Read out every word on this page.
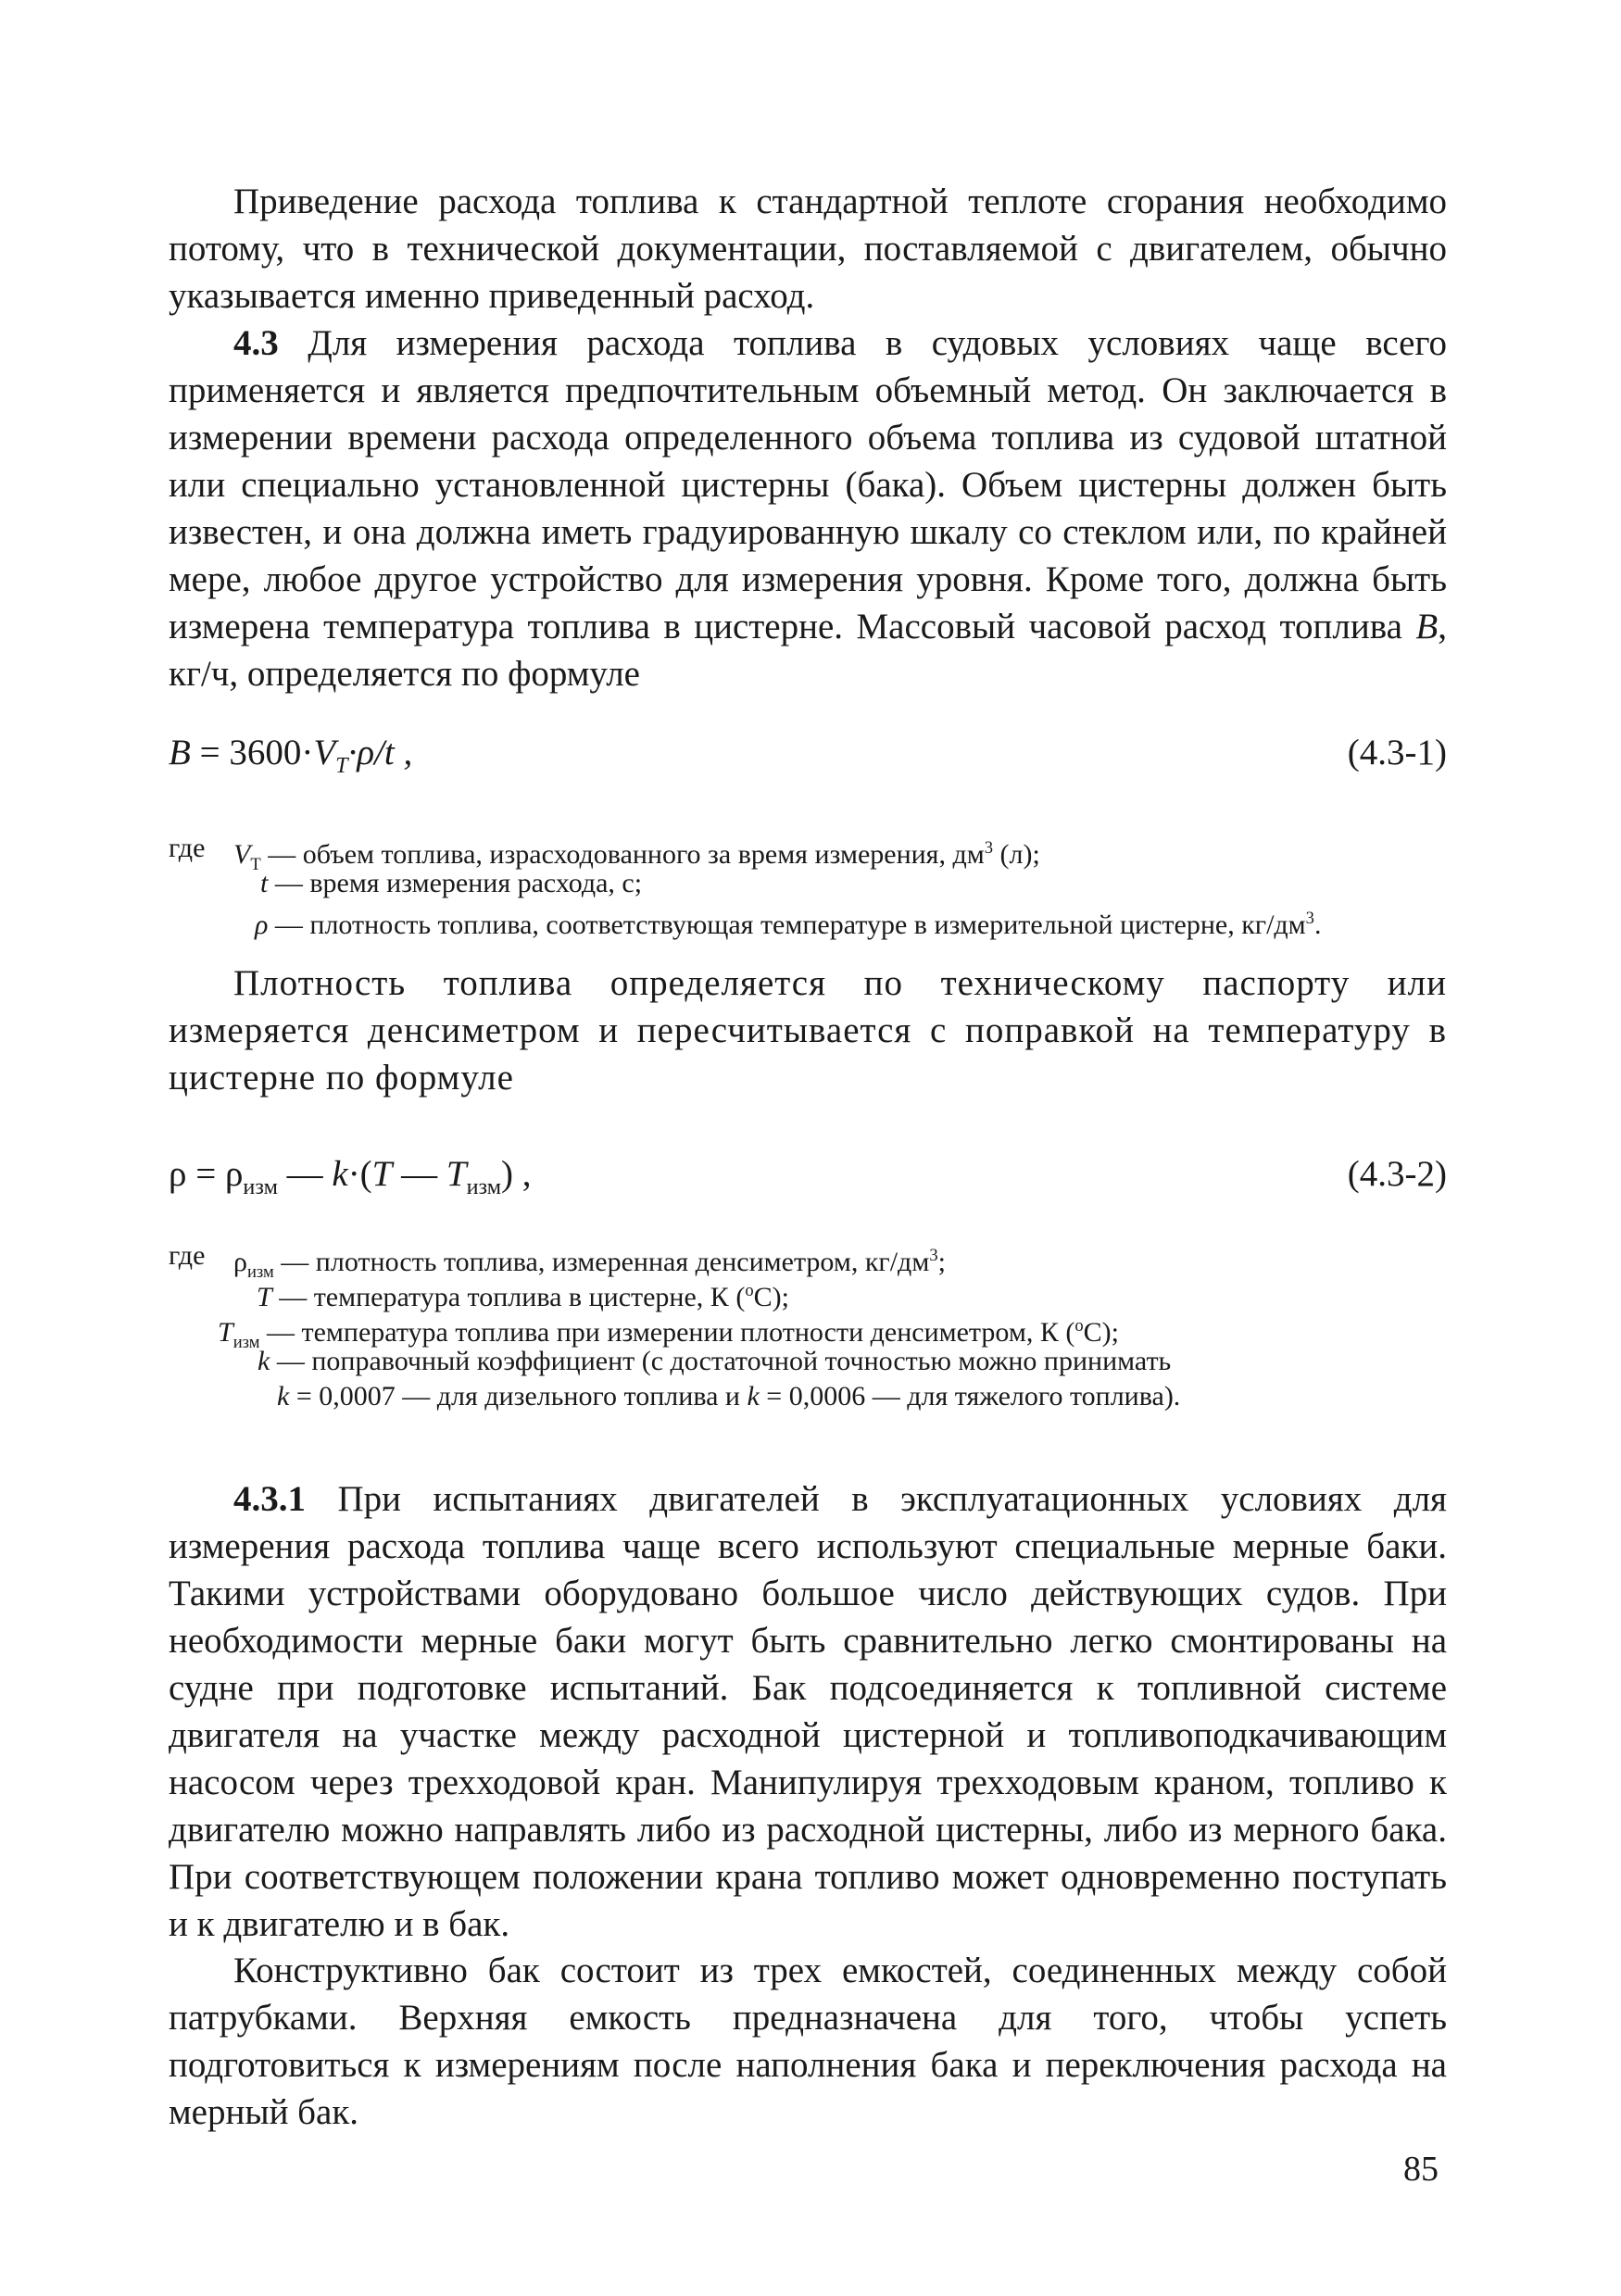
Приведение расхода топлива к стандартной теплоте сгорания необходимо потому, что в технической документации, поставляемой с двигателем, обычно указывается именно приведенный расход.

4.3 Для измерения расхода топлива в судовых условиях чаще всего применяется и является предпочтительным объемный метод. Он заключается в измерении времени расхода определенного объема топлива из судовой штатной или специально установленной цистерны (бака). Объем цистерны должен быть известен, и она должна иметь градуированную шкалу со стеклом или, по крайней мере, любое другое устройство для измерения уровня. Кроме того, должна быть измерена температура топлива в цистерне. Массовый часовой расход топлива B, кг/ч, определяется по формуле

$B = 3600\cdot V_T\cdot\rho/t$ ,	(4.3-1)
где $V_Т$ — объем топлива, израсходованного за время измерения, $дм^3$ (л);
t — время измерения расхода, с;
ρ — плотность топлива, соответствующая температуре в измерительной цистерне, $кг/дм^3$.

Плотность топлива определяется по техническому паспорту или измеряется денсиметром и пересчитывается с поправкой на температуру в цистерне по формуле

$\rho = \rho_{изм}$ — k·(T — $T_{изм}$) ,	(4.3-2)
где $\rho_{изм}$ — плотность топлива, измеренная денсиметром, $кг/дм^3$;
T — температура топлива в цистерне, К ($^о$С);
$T_{изм}$ — температура топлива при измерении плотности денсиметром, К ($^о$С);
k — поправочный коэффициент (с достаточной точностью можно принимать
k = 0,0007 — для дизельного топлива и k = 0,0006 — для тяжелого топлива).

4.3.1 При испытаниях двигателей в эксплуатационных условиях для измерения расхода топлива чаще всего используют специальные мерные баки. Такими устройствами оборудовано большое число действующих судов. При необходимости мерные баки могут быть сравнительно легко смонтированы на судне при подготовке испытаний. Бак подсоединяется к топливной системе двигателя на участке между расходной цистерной и топливоподкачивающим насосом через трехходовой кран. Манипулируя трехходовым краном, топливо к двигателю можно направлять либо из расходной цистерны, либо из мерного бака. При соответствующем положении крана топливо может одновременно поступать и к двигателю и в бак.

Конструктивно бак состоит из трех емкостей, соединенных между собой патрубками. Верхняя емкость предназначена для того, чтобы успеть подготовиться к измерениям после наполнения бака и переключения расхода на мерный бак.

85
